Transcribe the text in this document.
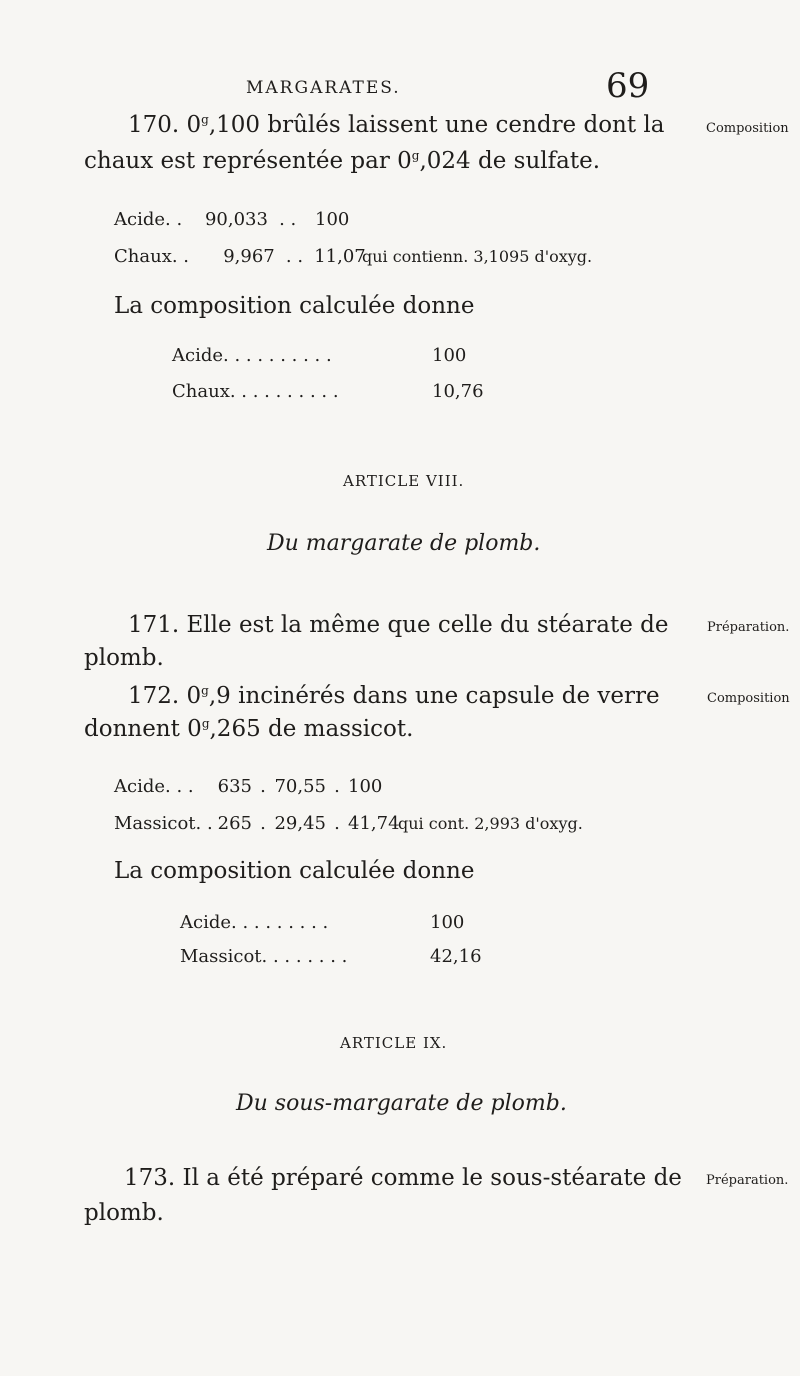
MARGARATES.	69
170. 0$^g$,100 brûlés laissent une cendre dont la
chaux est représentée par 0$^g$,024 de sulfate.
Composition
Acide. . 90,033 . . 100
Chaux. . 9,967 . . 11,07 qui contienn. 3,1095 d'oxyg.
La composition calculée donne
Acide. . . . . . . . . .	100
Chaux. . . . . . . . . .	10,76
ARTICLE VIII.
Du margarate de plomb.
171. Elle est la même que celle du stéarate de
plomb.
Préparation.
172. 0$^g$,9 incinérés dans une capsule de verre
donnent 0$^g$,265 de massicot.
Composition
Acide. . . 635 . 70,55 . 100
Massicot. . 265 . 29,45 . 41,74qui cont. 2,993 d'oxyg.
La composition calculée donne
Acide. . . . . . . . .	100
Massicot. . . . . . . .	42,16
ARTICLE IX.
Du sous-margarate de plomb.
173. Il a été préparé comme le sous-stéarate de
plomb.
Préparation.
